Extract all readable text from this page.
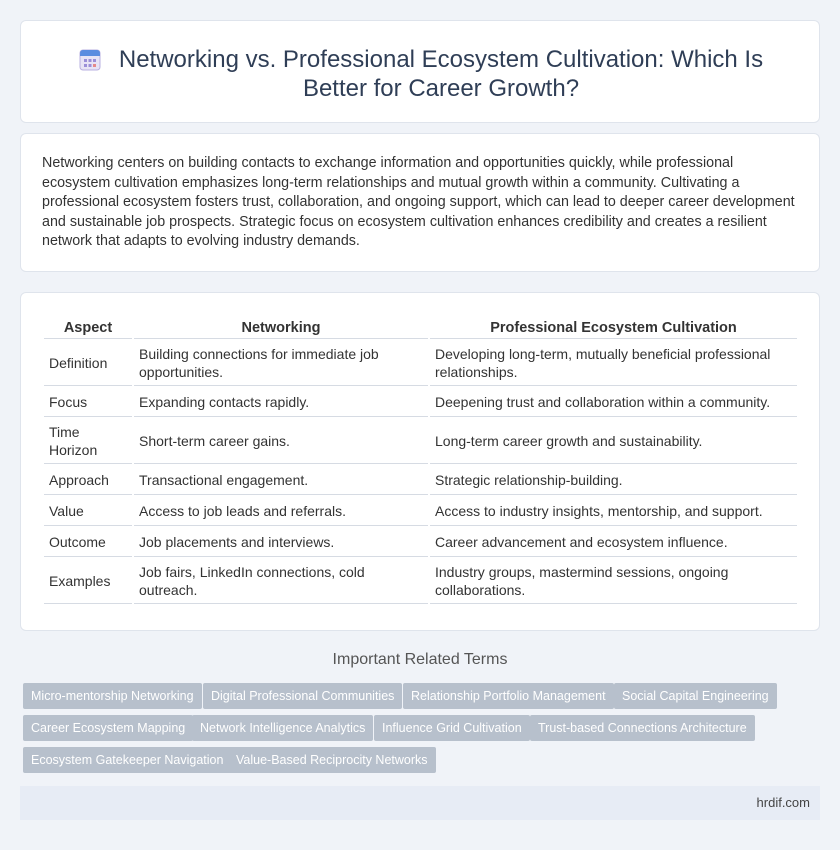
Networking vs. Professional Ecosystem Cultivation: Which Is Better for Career Growth?

Networking centers on building contacts to exchange information and opportunities quickly, while professional ecosystem cultivation emphasizes long-term relationships and mutual growth within a community. Cultivating a professional ecosystem fosters trust, collaboration, and ongoing support, which can lead to deeper career development and sustainable job prospects. Strategic focus on ecosystem cultivation enhances credibility and creates a resilient network that adapts to evolving industry demands.

Aspect	Networking	Professional Ecosystem Cultivation
Definition	Building connections for immediate job opportunities.	Developing long-term, mutually beneficial professional relationships.
Focus	Expanding contacts rapidly.	Deepening trust and collaboration within a community.
Time Horizon	Short-term career gains.	Long-term career growth and sustainability.
Approach	Transactional engagement.	Strategic relationship-building.
Value	Access to job leads and referrals.	Access to industry insights, mentorship, and support.
Outcome	Job placements and interviews.	Career advancement and ecosystem influence.
Examples	Job fairs, LinkedIn connections, cold outreach.	Industry groups, mastermind sessions, ongoing collaborations.
Important Related Terms
Micro-mentorship Networking	Digital Professional Communities	Relationship Portfolio Management	Social Capital Engineering
Career Ecosystem Mapping	Network Intelligence Analytics	Influence Grid Cultivation	Trust-based Connections Architecture
Ecosystem Gatekeeper Navigation	Value-Based Reciprocity Networks
hrdif.com
